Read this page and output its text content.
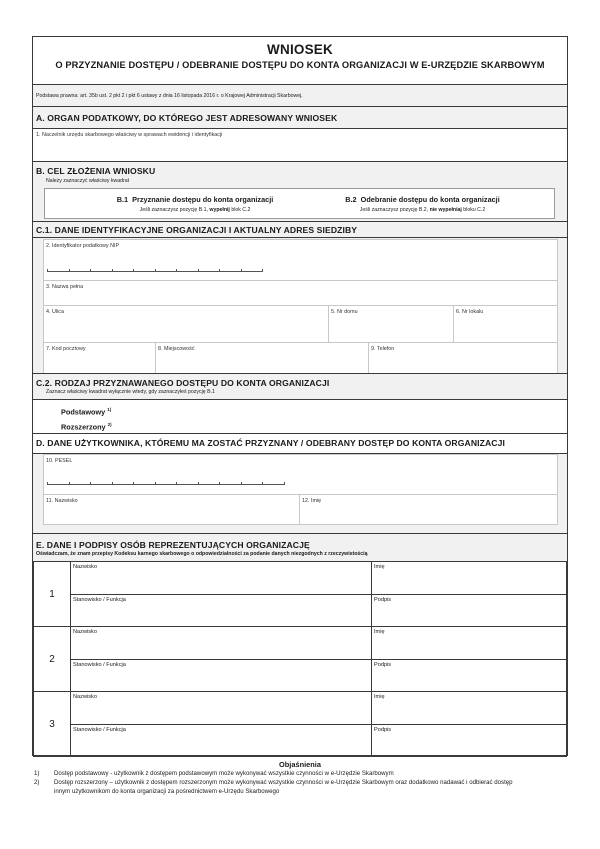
WNIOSEK
O PRZYZNANIE DOSTĘPU / ODEBRANIE DOSTĘPU DO KONTA ORGANIZACJI W E-URZĘDZIE SKARBOWYM
Podstawa prawna: art. 35b ust. 2 pkt 2 i pkt 6 ustawy z dnia 16 listopada 2016 r. o Krajowej Administracji Skarbowej.
A. ORGAN PODATKOWY, DO KTÓREGO JEST ADRESOWANY WNIOSEK
1. Naczelnik urzędu skarbowego właściwy w sprawach ewidencji i identyfikacji
B. CEL ZŁOŻENIA WNIOSKU
Należy zaznaczyć właściwy kwadrat
B.1 Przyznanie dostępu do konta organizacji
Jeśli zaznaczysz pozycję B.1, wypełnij blok C.2
B.2 Odebranie dostępu do konta organizacji
Jeśli zaznaczysz pozycję B.2, nie wypełniaj bloku C.2
C.1. DANE IDENTYFIKACYJNE ORGANIZACJI I AKTUALNY ADRES SIEDZIBY
2. Identyfikator podatkowy NIP
3. Nazwa pełna
4. Ulica	5. Nr domu	6. Nr lokalu
7. Kod pocztowy	8. Miejscowość	9. Telefon
C.2. RODZAJ PRZYZNAWANEGO DOSTĘPU DO KONTA ORGANIZACJI
Zaznacz właściwy kwadrat wyłącznie wtedy, gdy zaznaczyłeś pozycję B.1
Podstawowy $^{1)}$
Rozszerzony $^{2)}$
D. DANE UŻYTKOWNIKA, KTÓREMU MA ZOSTAĆ PRZYZNANY / ODEBRANY DOSTĘP DO KONTA ORGANIZACJI
10. PESEL
11. Nazwisko	12. Imię
E. DANE I PODPISY OSÓB REPREZENTUJĄCYCH ORGANIZACJĘ
Oświadczam, że znam przepisy Kodeksu karnego skarbowego o odpowiedzialności za podanie danych niezgodnych z rzeczywistością
1	Nazwisko	Imię
	Stanowisko / Funkcja	Podpis
2	Nazwisko	Imię
	Stanowisko / Funkcja	Podpis
3	Nazwisko	Imię
	Stanowisko / Funkcja	Podpis
Objaśnienia
1)	Dostęp podstawowy - użytkownik z dostępem podstawowym może wykonywać wszystkie czynności w e-Urzędzie Skarbowym
2)	Dostęp rozszerzony – użytkownik z dostępem rozszerzonym może wykonywać wszystkie czynności w e-Urzędzie Skarbowym oraz dodatkowo nadawać i odbierać dostęp innym użytkownikom do konta organizacji za pośrednictwem e-Urzędu Skarbowego
